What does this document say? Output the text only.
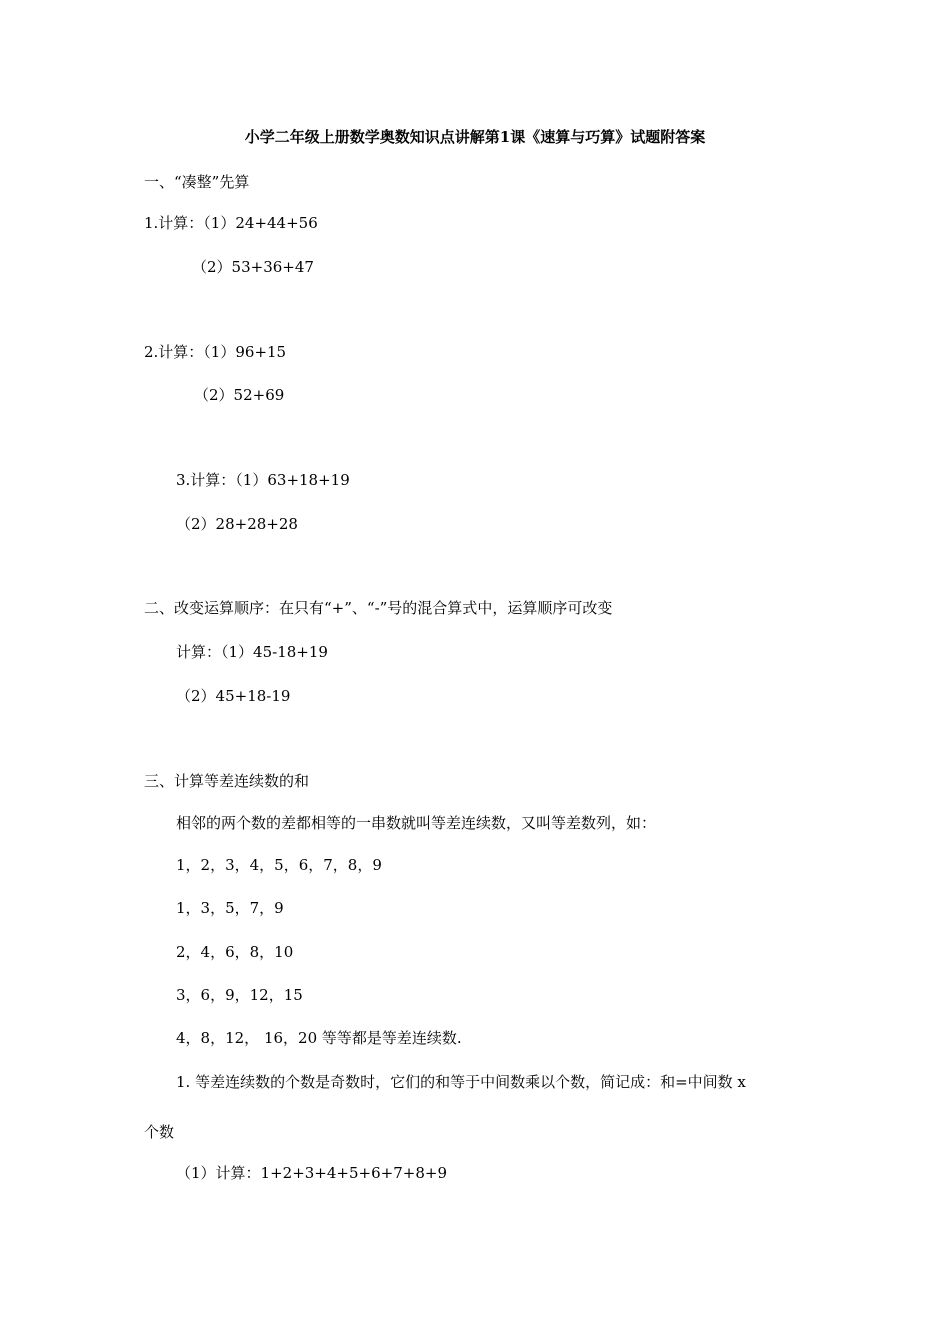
小学二年级上册数学奥数知识点讲解第1课《速算与巧算》试题附答案
一、“凑整”先算
1.计算：（1）24+44+56
（2）53+36+47
2.计算：（1）96+15
（2）52+69
3.计算：（1）63+18+19
（2）28+28+28
二、改变运算顺序：在只有“+”、“-”号的混合算式中，运算顺序可改变
计算：（1）45-18+19
（2）45+18-19
三、计算等差连续数的和
相邻的两个数的差都相等的一串数就叫等差连续数，又叫等差数列，如：
1，2，3，4，5，6，7，8，9
1，3，5，7，9
2，4，6，8，10
3，6，9，12，15
4，8，12， 16，20 等等都是等差连续数.
1. 等差连续数的个数是奇数时，它们的和等于中间数乘以个数，简记成：和=中间数 x
个数
（1）计算：1+2+3+4+5+6+7+8+9
